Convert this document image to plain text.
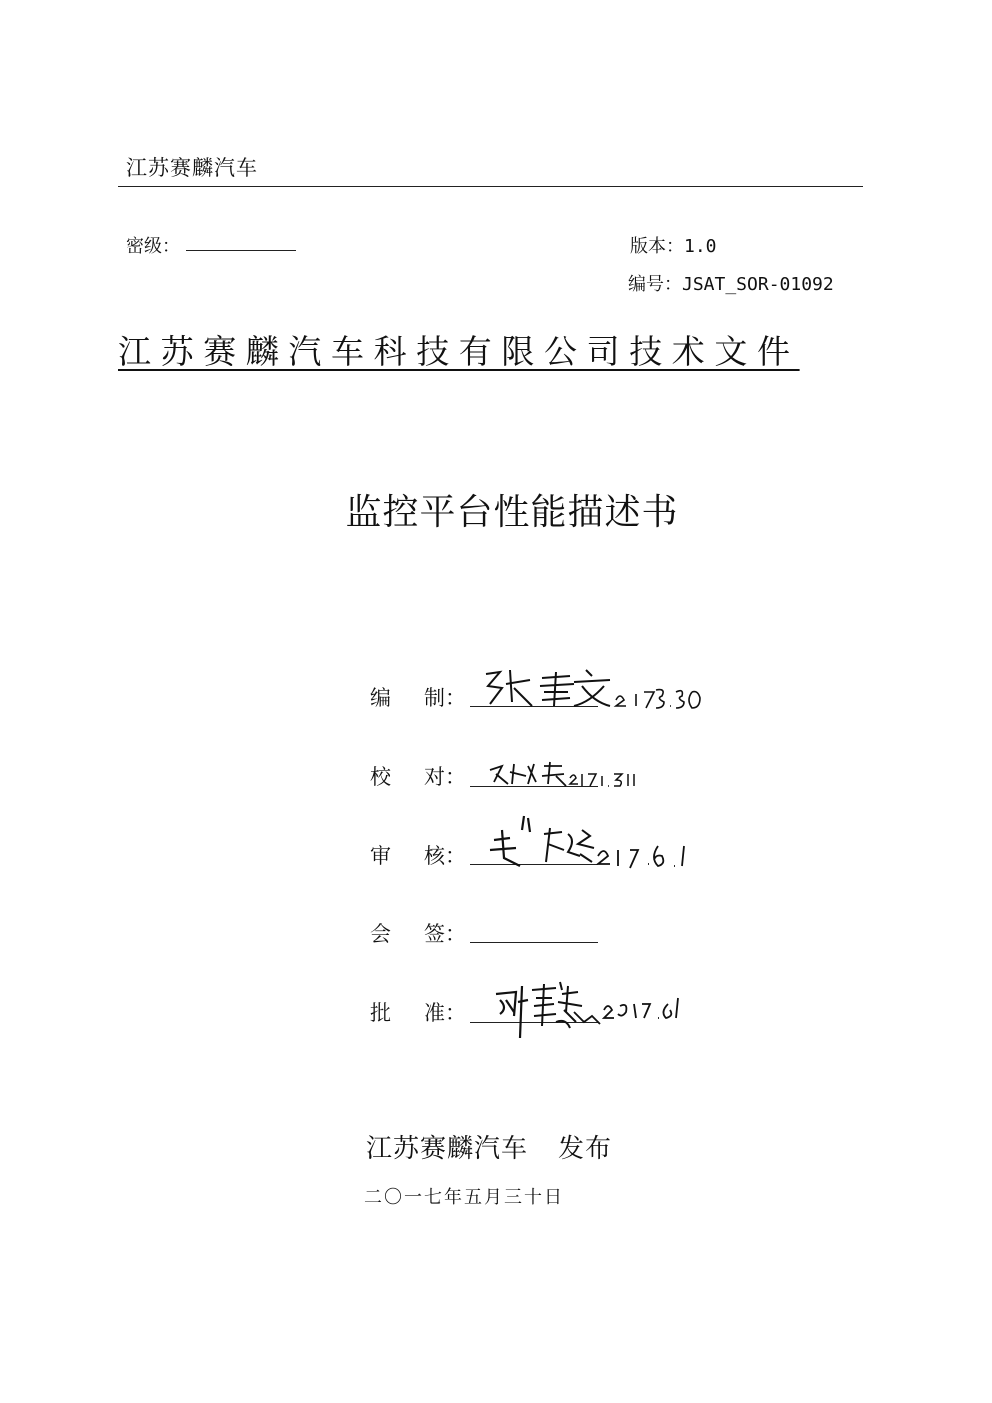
江苏赛麟汽车
密级：	版本：1.0
编号：JSAT_SOR-01092
江苏赛麟汽车科技有限公司技术文件
监控平台性能描述书
编 制：
校 对：
审 核：
会 签：
批 准：
江苏赛麟汽车 发布
二〇一七年五月三十日
